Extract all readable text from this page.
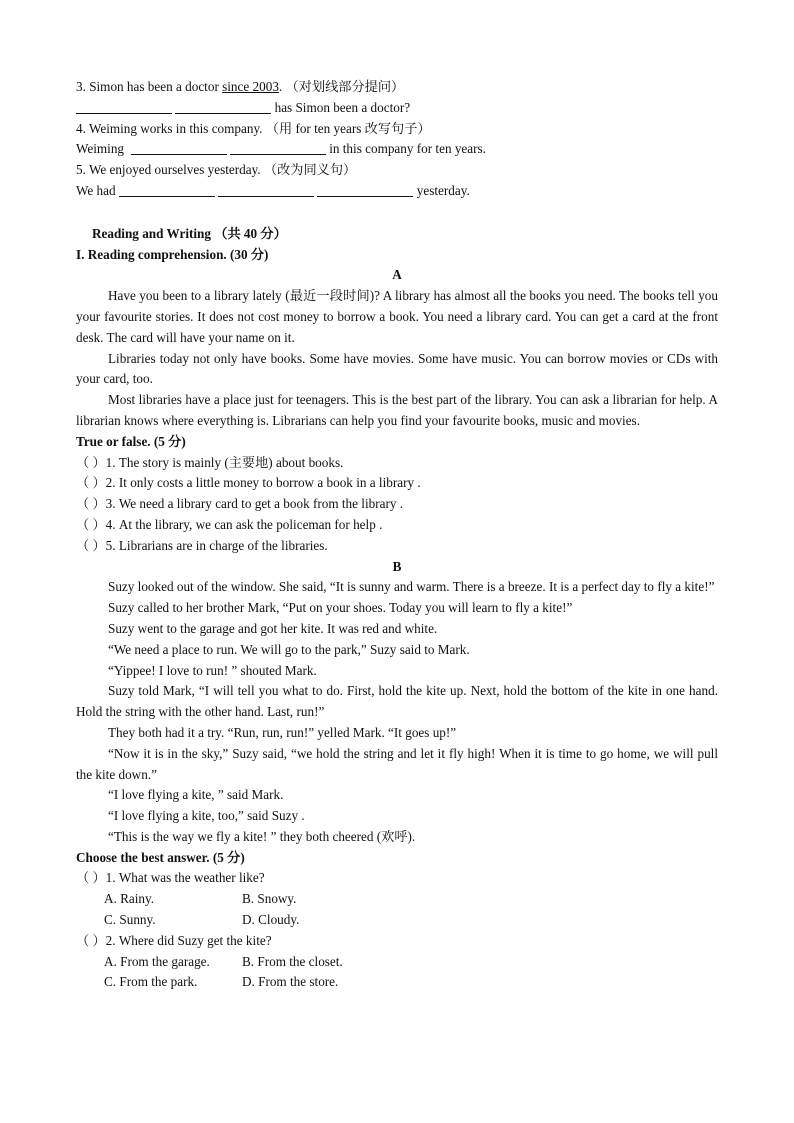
3. Simon has been a doctor since 2003. （对划线部分提问）
has Simon been a doctor?
4. Weiming works in this company. （用 for ten years 改写句子）
Weiming	in this company for ten years.
5. We enjoyed ourselves yesterday. （改为同义句）
We had	yesterday.
Reading and Writing （共 40 分）
I. Reading comprehension. (30 分)
A
Have you been to a library lately (最近一段时间)? A library has almost all the books you need. The books tell you your favourite stories. It does not cost money to borrow a book. You need a library card. You can get a card at the front desk. The card will have your name on it.
Libraries today not only have books. Some have movies. Some have music. You can borrow movies or CDs with your card, too.
Most libraries have a place just for teenagers. This is the best part of the library. You can ask a librarian for help. A librarian knows where everything is. Librarians can help you find your favourite books, music and movies.
True or false. (5 分)
（ ）1. The story is mainly (主要地) about books.
（ ）2. It only costs a little money to borrow a book in a library .
（ ）3. We need a library card to get a book from the library .
（ ）4. At the library, we can ask the policeman for help .
（ ）5. Librarians are in charge of the libraries.
B
Suzy looked out of the window. She said, “It is sunny and warm. There is a breeze. It is a perfect day to fly a kite!”
Suzy called to her brother Mark, “Put on your shoes. Today you will learn to fly a kite!”
Suzy went to the garage and got her kite. It was red and white.
“We need a place to run. We will go to the park,” Suzy said to Mark.
“Yippee! I love to run! ” shouted Mark.
Suzy told Mark, “I will tell you what to do. First, hold the kite up. Next, hold the bottom of the kite in one hand. Hold the string with the other hand. Last, run!”
They both had it a try. “Run, run, run!” yelled Mark. “It goes up!”
“Now it is in the sky,” Suzy said, “we hold the string and let it fly high! When it is time to go home, we will pull the kite down.”
“I love flying a kite, ” said Mark.
“I love flying a kite, too,” said Suzy .
“This is the way we fly a kite! ” they both cheered (欢呼).
Choose the best answer. (5 分)
（ ）1. What was the weather like?
A. Rainy.	B. Snowy.
C. Sunny.	D. Cloudy.
（ ）2. Where did Suzy get the kite?
A. From the garage. B. From the closet.
C. From the park.	D. From the store.
